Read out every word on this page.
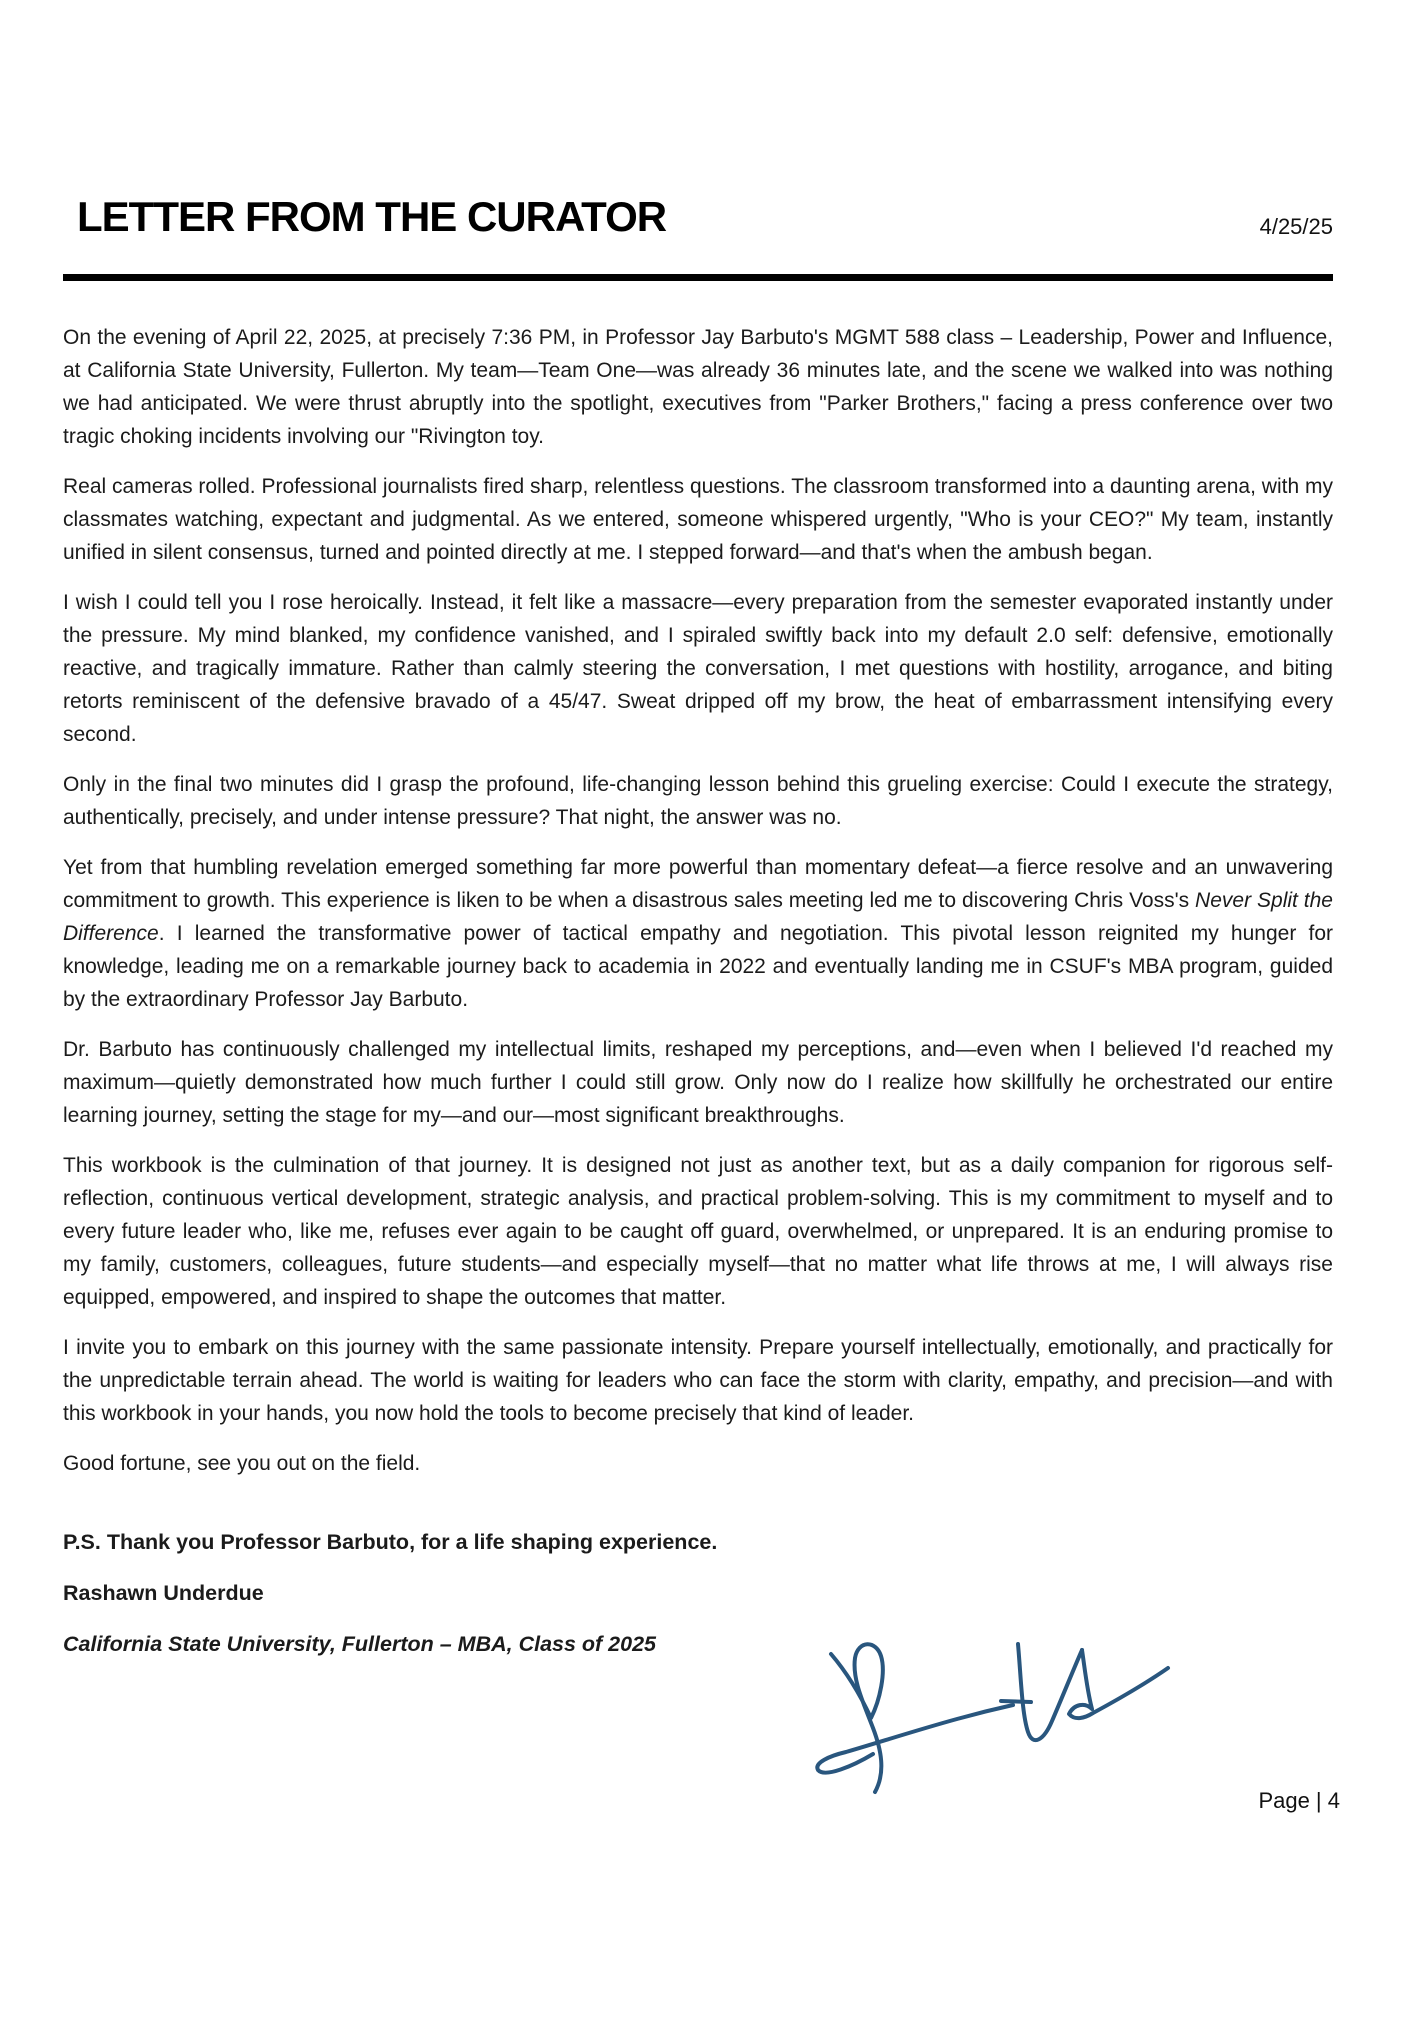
LETTER FROM THE CURATOR	4/25/25

On the evening of April 22, 2025, at precisely 7:36 PM, in Professor Jay Barbuto's MGMT 588 class – Leadership, Power and Influence, at California State University, Fullerton. My team—Team One—was already 36 minutes late, and the scene we walked into was nothing we had anticipated. We were thrust abruptly into the spotlight, executives from "Parker Brothers," facing a press conference over two tragic choking incidents involving our "Rivington toy.

Real cameras rolled. Professional journalists fired sharp, relentless questions. The classroom transformed into a daunting arena, with my classmates watching, expectant and judgmental. As we entered, someone whispered urgently, "Who is your CEO?" My team, instantly unified in silent consensus, turned and pointed directly at me. I stepped forward—and that's when the ambush began.

I wish I could tell you I rose heroically. Instead, it felt like a massacre—every preparation from the semester evaporated instantly under the pressure. My mind blanked, my confidence vanished, and I spiraled swiftly back into my default 2.0 self: defensive, emotionally reactive, and tragically immature. Rather than calmly steering the conversation, I met questions with hostility, arrogance, and biting retorts reminiscent of the defensive bravado of a 45/47. Sweat dripped off my brow, the heat of embarrassment intensifying every second.

Only in the final two minutes did I grasp the profound, life-changing lesson behind this grueling exercise: Could I execute the strategy, authentically, precisely, and under intense pressure? That night, the answer was no.

Yet from that humbling revelation emerged something far more powerful than momentary defeat—a fierce resolve and an unwavering commitment to growth. This experience is liken to be when a disastrous sales meeting led me to discovering Chris Voss's Never Split the Difference. I learned the transformative power of tactical empathy and negotiation. This pivotal lesson reignited my hunger for knowledge, leading me on a remarkable journey back to academia in 2022 and eventually landing me in CSUF's MBA program, guided by the extraordinary Professor Jay Barbuto.

Dr. Barbuto has continuously challenged my intellectual limits, reshaped my perceptions, and—even when I believed I'd reached my maximum—quietly demonstrated how much further I could still grow. Only now do I realize how skillfully he orchestrated our entire learning journey, setting the stage for my—and our—most significant breakthroughs.

This workbook is the culmination of that journey. It is designed not just as another text, but as a daily companion for rigorous self-reflection, continuous vertical development, strategic analysis, and practical problem-solving. This is my commitment to myself and to every future leader who, like me, refuses ever again to be caught off guard, overwhelmed, or unprepared. It is an enduring promise to my family, customers, colleagues, future students—and especially myself—that no matter what life throws at me, I will always rise equipped, empowered, and inspired to shape the outcomes that matter.

I invite you to embark on this journey with the same passionate intensity. Prepare yourself intellectually, emotionally, and practically for the unpredictable terrain ahead. The world is waiting for leaders who can face the storm with clarity, empathy, and precision—and with this workbook in your hands, you now hold the tools to become precisely that kind of leader.

Good fortune, see you out on the field.

P.S. Thank you Professor Barbuto, for a life shaping experience.

Rashawn Underdue

California State University, Fullerton – MBA, Class of 2025

Page | 4
